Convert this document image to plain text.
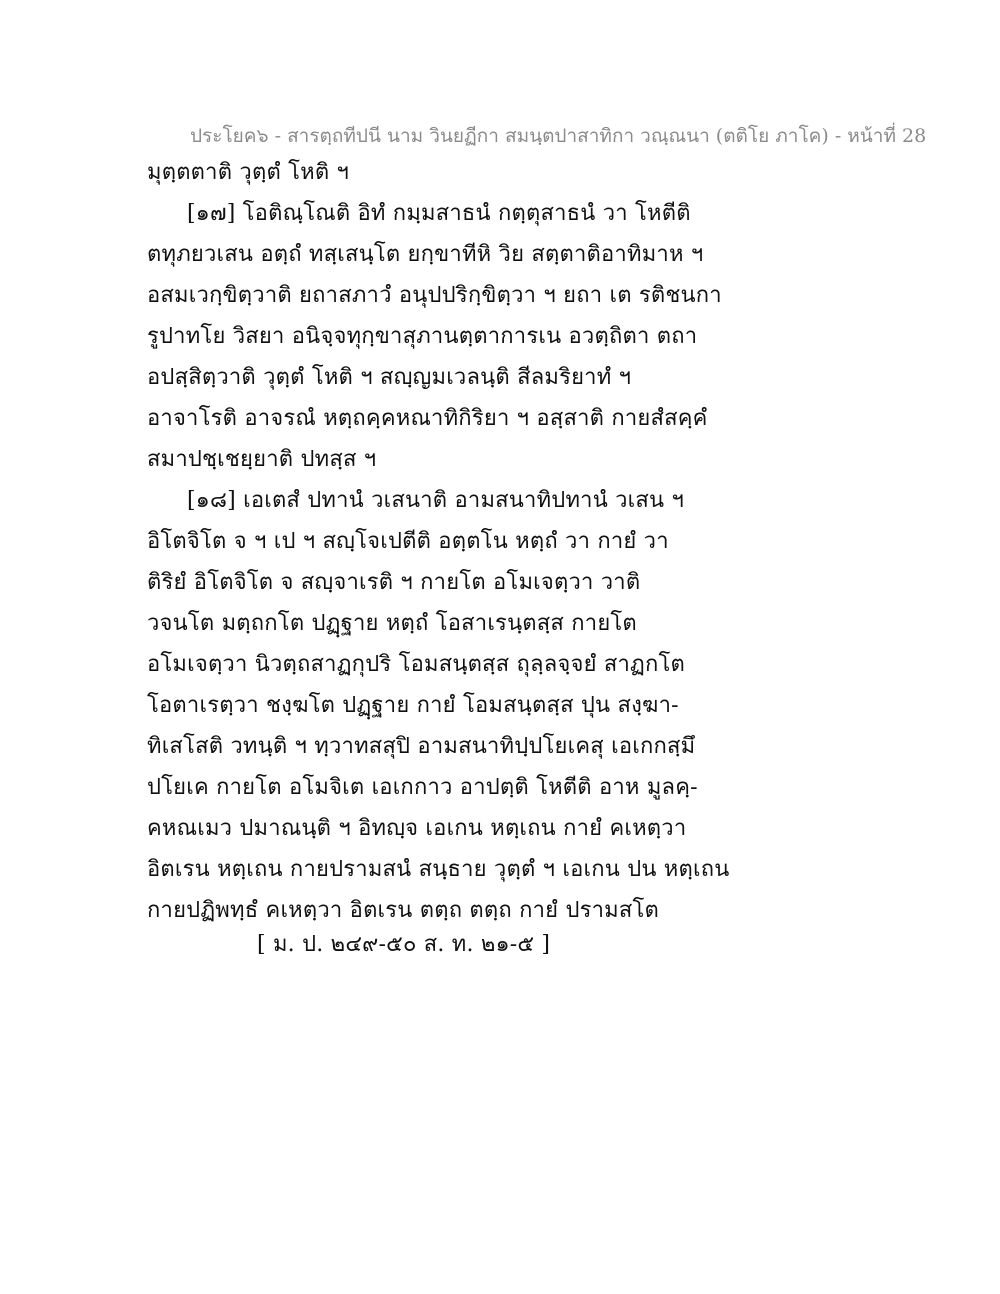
ประโยค๖ - สารตฺถทีปนี นาม วินยฏีกา สมนฺตปาสาทิกา วณฺณนา (ตติโย ภาโค) - หน้าที่ 28
มุตฺตตาติ วุตฺตํ โหติ ฯ
[๑๗] โอติณฺโณติ อิทํ กมฺมสาธนํ กตฺตุสาธนํ วา โหตีติ
ตทุภยวเสน อตฺถํ ทสฺเสนฺโต ยกฺขาทีหิ วิย สตฺตาติอาทิมาห ฯ
อสมเวกฺขิตฺวาติ ยถาสภาวํ อนุปปริกฺขิตฺวา ฯ ยถา เต รติชนกา
รูปาทโย วิสยา อนิจฺจทุกฺขาสุภานตฺตาการเน อวตฺถิตา ตถา
อปสฺสิตฺวาติ วุตฺตํ โหติ ฯ สญฺญมเวลนฺติ สีลมริยาทํ ฯ
อาจาโรติ อาจรณํ หตฺถคฺคหณาทิกิริยา ฯ อสฺสาติ กายสํสคฺคํ
สมาปชฺเชยฺยาติ ปทสฺส ฯ
[๑๘] เอเตสํ ปทานํ วเสนาติ อามสนาทิปทานํ วเสน ฯ
อิโตจิโต จ ฯ เป ฯ สญฺโจเปตีติ อตฺตโน หตฺถํ วา กายํ วา
ติริยํ อิโตจิโต จ สญฺจาเรติ ฯ กายโต อโมเจตฺวา วาติ
วจนโต มตฺถกโต ปฏฺฐาย หตฺถํ โอสาเรนฺตสฺส กายโต
อโมเจตฺวา นิวตฺถสาฏกุปริ โอมสนฺตสฺส ถุลฺลจฺจยํ สาฏกโต
โอตาเรตฺวา ชงฺฆโต ปฏฺฐาย กายํ โอมสนฺตสฺส ปุน สงฺฆา-
ทิเสโสติ วทนฺติ ฯ ทฺวาทสสุปิ อามสนาทิปฺปโยเคสุ เอเกกสฺมึ
ปโยเค กายโต อโมจิเต เอเกกาว อาปตฺติ โหตีติ อาห มูลคฺ-
คหณเมว ปมาณนฺติ ฯ อิทญฺจ เอเกน หตฺเถน กายํ คเหตฺวา
อิตเรน หตฺเถน กายปรามสนํ สนฺธาย วุตฺตํ ฯ เอเกน ปน หตฺเถน
กายปฏิพทฺธํ คเหตฺวา อิตเรน ตตฺถ ตตฺถ กายํ ปรามสโต
[ ม. ป. ๒๔๙-๕๐ ส. ท. ๒๑-๕ ]
